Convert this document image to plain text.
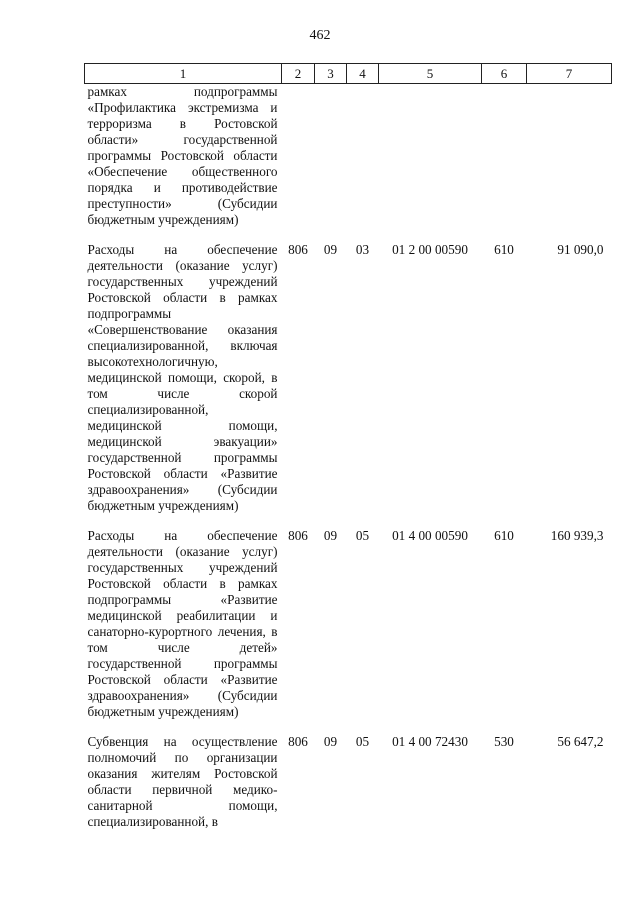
462
1	2	3	4	5	6	7
рамках подпрограммы «Профилактика экстремизма и терроризма в Ростовской области» государственной программы Ростовской области «Обеспечение общественного порядка и противодействие преступности» (Субсидии бюджетным учреждениям)						
Расходы на обеспечение деятельности (оказание услуг) государственных учреждений Ростовской области в рамках подпрограммы «Совершенствование оказания специализированной, включая высокотехнологичную, медицинской помощи, скорой, в том числе скорой специализированной, медицинской помощи, медицинской эвакуации» государственной программы Ростовской области «Развитие здравоохранения» (Субсидии бюджетным учреждениям)	806	09	03	01 2 00 00590	610	91 090,0
Расходы на обеспечение деятельности (оказание услуг) государственных учреждений Ростовской области в рамках подпрограммы «Развитие медицинской реабилитации и санаторно-курортного лечения, в том числе детей» государственной программы Ростовской области «Развитие здравоохранения» (Субсидии бюджетным учреждениям)	806	09	05	01 4 00 00590	610	160 939,3
Субвенция на осуществление полномочий по организации оказания жителям Ростовской области первичной медико-санитарной помощи, специализированной, в	806	09	05	01 4 00 72430	530	56 647,2
